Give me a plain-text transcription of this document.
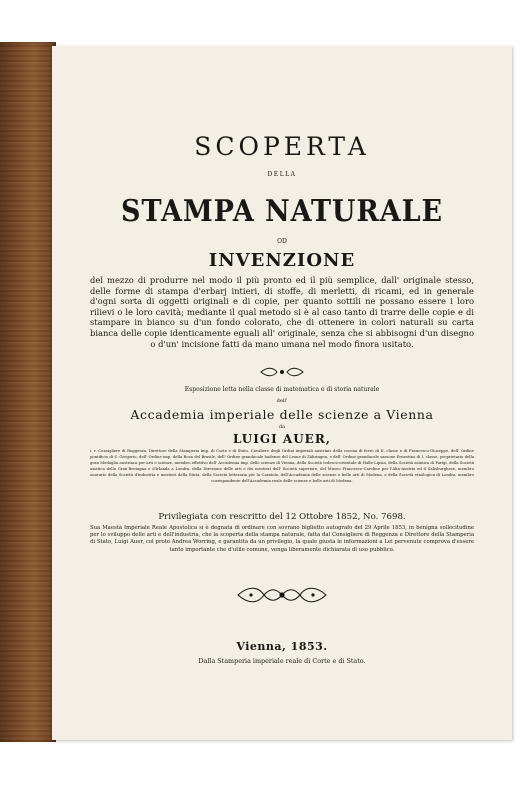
SCOPERTA
DELLA
STAMPA NATURALE
OD
INVENZIONE
del mezzo di produrre nel modo il più pronto ed il più semplice, dall' originale stesso, delle forme di stampa d'erbarj intieri, di stoffe, di merletti, di ricami, ed in generale d'ogni sorta di oggetti originali e di copie, per quanto sottili ne possano essere i loro rilievi o le loro cavità; mediante il qual metodo si è al caso tanto di trarre delle copie e di stampare in bianco su d'un fondo colorato, che di ottenere in colori naturali su carta bianca delle copie identicamente eguali all' originale, senza che si abbisogni d'un disegno o d'un' incisione fatti da mano umana nel modo finora usitato.
Esposizione letta nella classe di matematica e di storia naturale
dell'
Accademia imperiale delle scienze a Vienna
da
LUIGI AUER,
i. r. Consigliere di Reggenza, Direttore della Stamperia imp. di Corte e di Stato, Cavaliere degli Ordini imperiali austriaci della corona di ferro di II. classe e di Francesco-Giuseppe, dell' Ordine pontificio di S. Gregorio, dell' Ordine imp. della Rosa del Brasile, dell' Ordine granducale badense del Leone di Zähringen, e dell' Ordine granducale sassone Ernestino di I. classe, proprietario della gran Medaglia austriaca per arti e scienze, membro effettivo dell' Accademia imp. delle scienze di Vienna, della Società tedesco-orientale di Halle-Lipsia, della Società asiatica di Parigi, della Società asiatica della Gran-Bretagna e d'Irlanda a Londra, della Direzione delle arti e dei mestieri dell' Società superiore, del Museo Francesco-Carolino per l'Alta-Austria ed il Salisburghese, membro onorario della Società d'industria e mestieri della Stiria, della Società letteraria per la Carniola, dell'Accademia delle scienze e belle arti di Modena, e della Società etnologica di Londra, membro corrispondente dell'Accademia reale delle scienze e belle arti di Modena.
Privilegiata con rescritto del 12 Ottobre 1852, No. 7698.
Sua Maestà Imperiale Reale Apostolica si è degnata di ordinare con sovrano biglietto autografo del 29 Aprile 1853, in benigna sollecitudine per lo sviluppo delle arti e dell'industria, che la scoperta della stampa naturale, fatta dal Consigliere di Reggenza e Direttore della Stamperia di Stato, Luigi Auer, col proto Andrea Worring, e garantita da un privilegio, la quale giusta le informazioni a Lei pervenute comprova d'essere tanto importante che d'utile comune, venga liberamente dichiarata di uso pubblico.
Vienna, 1853.
Dalla Stamperia imperiale reale di Corte e di Stato.
